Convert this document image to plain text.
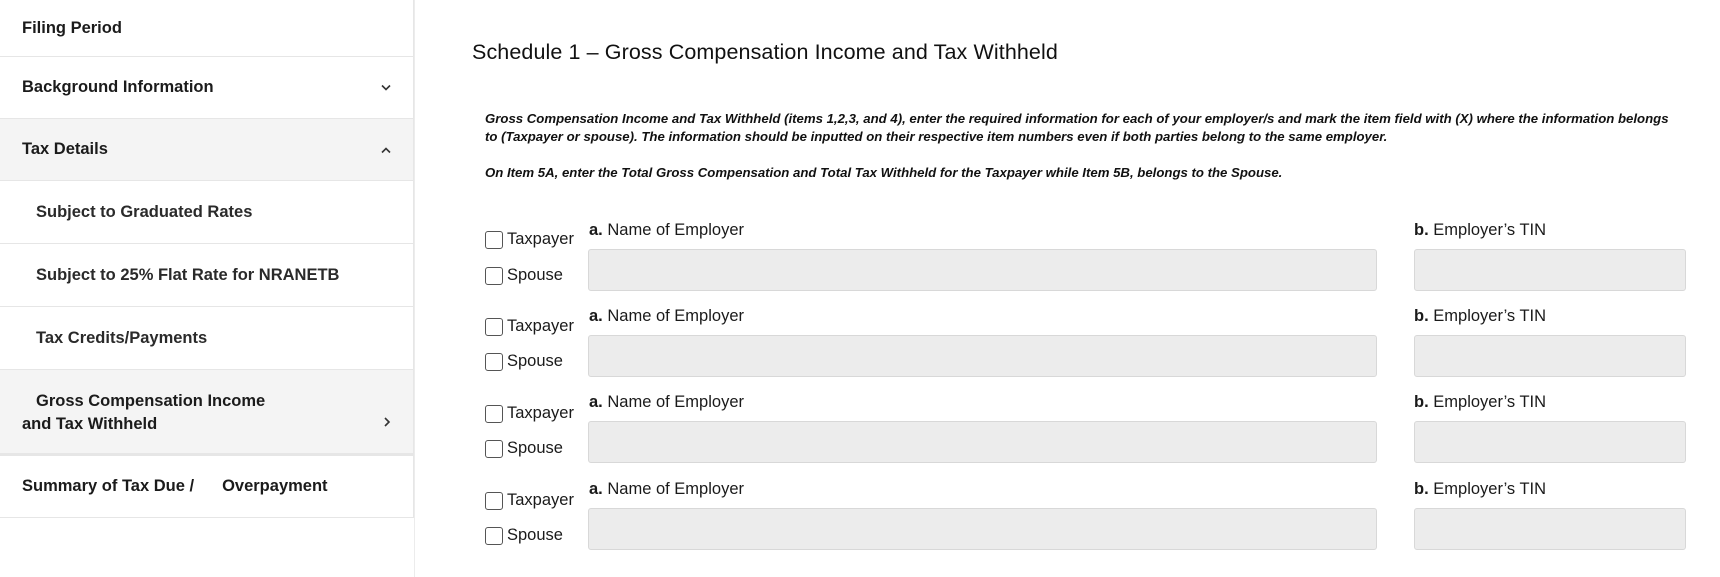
Filing Period
Background Information
Tax Details
Subject to Graduated Rates
Subject to 25% Flat Rate for NRANETB
Tax Credits/Payments
Gross Compensation Income
and Tax Withheld
Summary of Tax Due / Overpayment
Schedule 1 – Gross Compensation Income and Tax Withheld

Gross Compensation Income and Tax Withheld (items 1,2,3, and 4), enter the required information for each of your employer/s and mark the item field with (X) where the information belongs to (Taxpayer or spouse). The information should be inputted on their respective item numbers even if both parties belong to the same employer.

On Item 5A, enter the Total Gross Compensation and Total Tax Withheld for the Taxpayer while Item 5B, belongs to the Spouse.

Taxpayer
Spouse
a. Name of Employer	b. Employer’s TIN
Taxpayer
Spouse
a. Name of Employer	b. Employer’s TIN
Taxpayer
Spouse
a. Name of Employer	b. Employer’s TIN
Taxpayer
Spouse
a. Name of Employer	b. Employer’s TIN
